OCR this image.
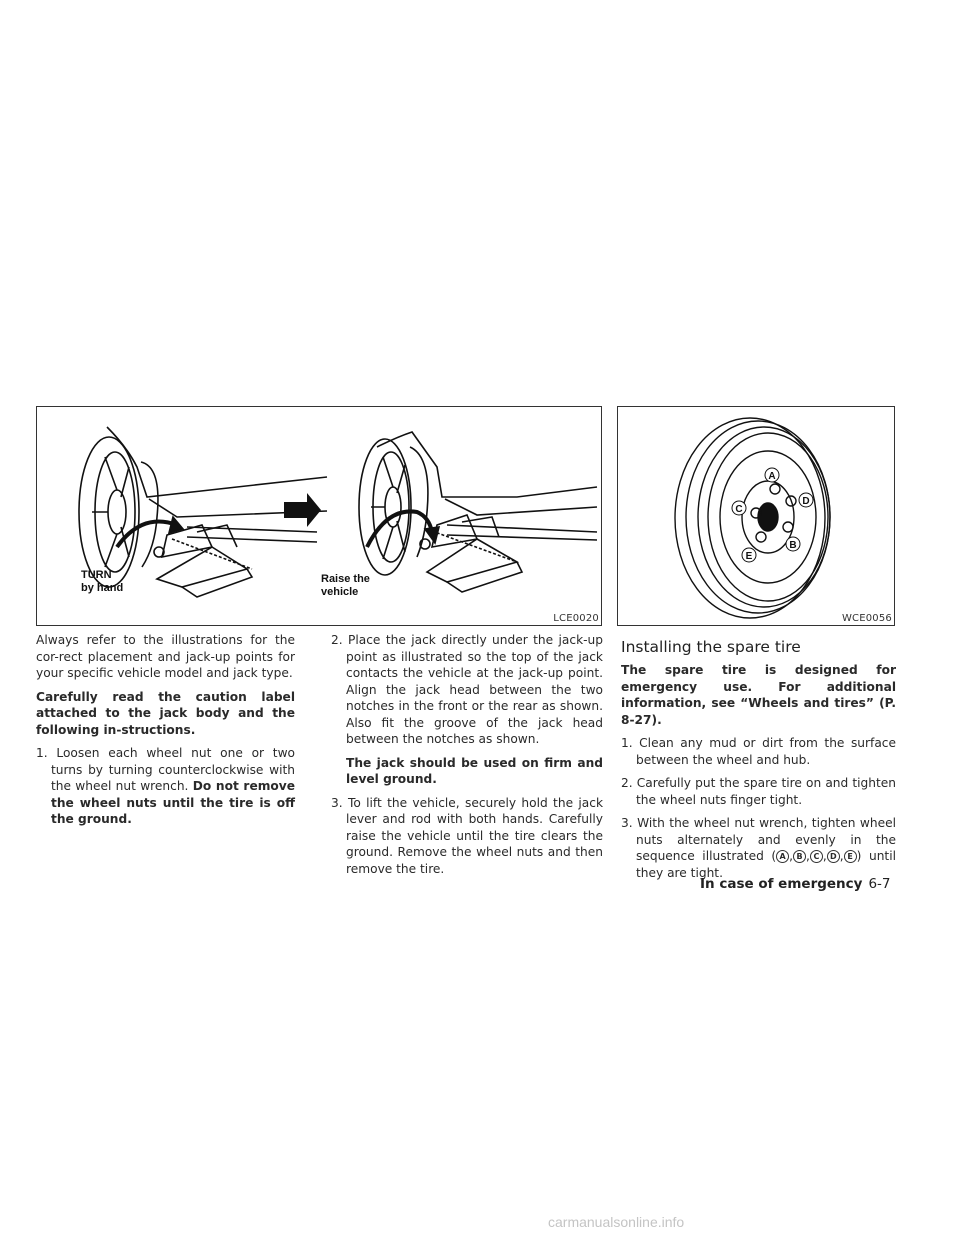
TURN
by hand
Raise the
vehicle
LCE0020
A
D
B
C
E
WCE0056

Always refer to the illustrations for the cor-rect placement and jack-up points for your specific vehicle model and jack type.

Carefully read the caution label attached to the jack body and the following in-structions.

1. Loosen each wheel nut one or two turns by turning counterclockwise with the wheel nut wrench. Do not remove the wheel nuts until the tire is off the ground.
2. Place the jack directly under the jack-up point as illustrated so the top of the jack contacts the vehicle at the jack-up point. Align the jack head between the two notches in the front or the rear as shown. Also fit the groove of the jack head between the notches as shown.
The jack should be used on firm and level ground.
3. To lift the vehicle, securely hold the jack lever and rod with both hands. Carefully raise the vehicle until the tire clears the ground. Remove the wheel nuts and then remove the tire.
Installing the spare tire

The spare tire is designed for emergency use. For additional information, see “Wheels and tires” (P. 8-27).

1. Clean any mud or dirt from the surface between the wheel and hub.
2. Carefully put the spare tire on and tighten the wheel nuts finger tight.
3. With the wheel nut wrench, tighten wheel nuts alternately and evenly in the sequence illustrated ( A , B , C , D , E ) until they are tight.
In case of emergency 6-7
carmanualsonline.info
